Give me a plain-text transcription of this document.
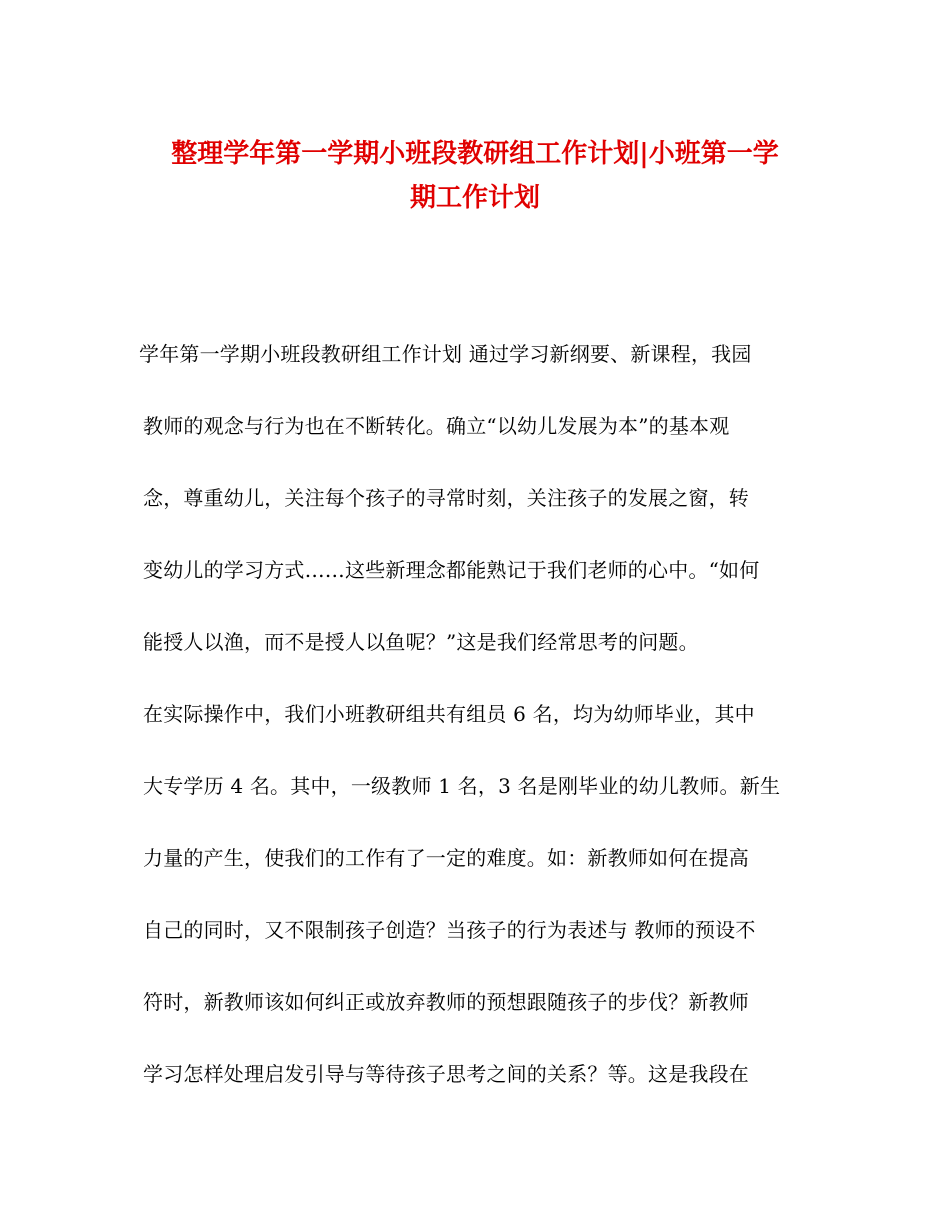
整理学年第一学期小班段教研组工作计划|小班第一学
期工作计划
学年第一学期小班段教研组工作计划 通过学习新纲要、新课程，我园
教师的观念与行为也在不断转化。确立“以幼儿发展为本”的基本观
念，尊重幼儿，关注每个孩子的寻常时刻，关注孩子的发展之窗，转
变幼儿的学习方式……这些新理念都能熟记于我们老师的心中。“如何
能授人以渔，而不是授人以鱼呢？”这是我们经常思考的问题。
在实际操作中，我们小班教研组共有组员 6 名，均为幼师毕业，其中
大专学历 4 名。其中，一级教师 1 名，3 名是刚毕业的幼儿教师。新生
力量的产生，使我们的工作有了一定的难度。如：新教师如何在提高
自己的同时，又不限制孩子创造？当孩子的行为表述与 教师的预设不
符时，新教师该如何纠正或放弃教师的预想跟随孩子的步伐？新教师
学习怎样处理启发引导与等待孩子思考之间的关系？等。这是我段在
